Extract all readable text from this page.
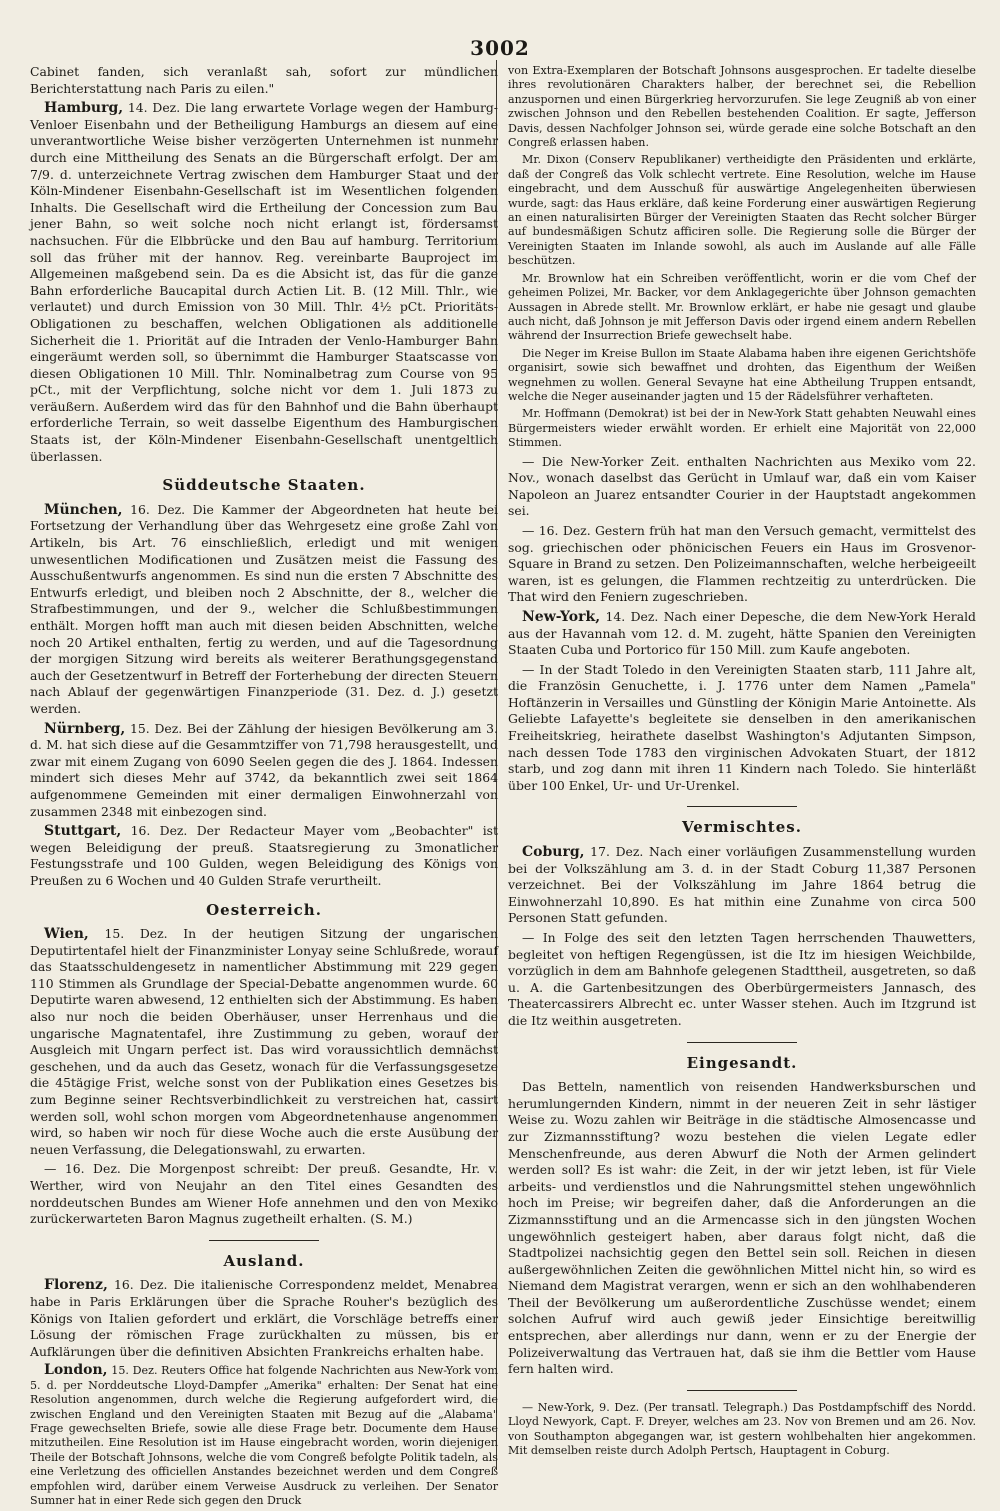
3002

Cabinet fanden, sich veranlaßt sah, sofort zur mündlichen Berichterstattung nach Paris zu eilen."

Hamburg, 14. Dez. Die lang erwartete Vorlage wegen der Hamburg-Venloer Eisenbahn und der Betheiligung Hamburgs an diesem auf eine unverantwortliche Weise bisher verzögerten Unternehmen ist nunmehr durch eine Mittheilung des Senats an die Bürgerschaft erfolgt. Der am 7/9. d. unterzeichnete Vertrag zwischen dem Hamburger Staat und der Köln-Mindener Eisenbahn-Gesellschaft ist im Wesentlichen folgenden Inhalts. Die Gesellschaft wird die Ertheilung der Concession zum Bau jener Bahn, so weit solche noch nicht erlangt ist, fördersamst nachsuchen. Für die Elbbrücke und den Bau auf hamburg. Territorium soll das früher mit der hannov. Reg. vereinbarte Bauproject im Allgemeinen maßgebend sein. Da es die Absicht ist, das für die ganze Bahn erforderliche Baucapital durch Actien Lit. B. (12 Mill. Thlr., wie verlautet) und durch Emission von 30 Mill. Thlr. 4½ pCt. Prioritäts-Obligationen zu beschaffen, welchen Obligationen als additionelle Sicherheit die 1. Priorität auf die Intraden der Venlo-Hamburger Bahn eingeräumt werden soll, so übernimmt die Hamburger Staatscasse von diesen Obligationen 10 Mill. Thlr. Nominalbetrag zum Course von 95 pCt., mit der Verpflichtung, solche nicht vor dem 1. Juli 1873 zu veräußern. Außerdem wird das für den Bahnhof und die Bahn überhaupt erforderliche Terrain, so weit dasselbe Eigenthum des Hamburgischen Staats ist, der Köln-Mindener Eisenbahn-Gesellschaft unentgeltlich überlassen.

Süddeutsche Staaten.

München, 16. Dez. Die Kammer der Abgeordneten hat heute bei Fortsetzung der Verhandlung über das Wehrgesetz eine große Zahl von Artikeln, bis Art. 76 einschließlich, erledigt und mit wenigen unwesentlichen Modificationen und Zusätzen meist die Fassung des Ausschußentwurfs angenommen. Es sind nun die ersten 7 Abschnitte des Entwurfs erledigt, und bleiben noch 2 Abschnitte, der 8., welcher die Strafbestimmungen, und der 9., welcher die Schlußbestimmungen enthält. Morgen hofft man auch mit diesen beiden Abschnitten, welche noch 20 Artikel enthalten, fertig zu werden, und auf die Tagesordnung der morgigen Sitzung wird bereits als weiterer Berathungsgegenstand auch der Gesetzentwurf in Betreff der Forterhebung der directen Steuern nach Ablauf der gegenwärtigen Finanzperiode (31. Dez. d. J.) gesetzt werden.

Nürnberg, 15. Dez. Bei der Zählung der hiesigen Bevölkerung am 3. d. M. hat sich diese auf die Gesammtziffer von 71,798 herausgestellt, und zwar mit einem Zugang von 6090 Seelen gegen die des J. 1864. Indessen mindert sich dieses Mehr auf 3742, da bekanntlich zwei seit 1864 aufgenommene Gemeinden mit einer dermaligen Einwohnerzahl von zusammen 2348 mit einbezogen sind.

Stuttgart, 16. Dez. Der Redacteur Mayer vom „Beobachter" ist wegen Beleidigung der preuß. Staatsregierung zu 3monatlicher Festungsstrafe und 100 Gulden, wegen Beleidigung des Königs von Preußen zu 6 Wochen und 40 Gulden Strafe verurtheilt.

Oesterreich.

Wien, 15. Dez. In der heutigen Sitzung der ungarischen Deputirtentafel hielt der Finanzminister Lonyay seine Schlußrede, worauf das Staatsschuldengesetz in namentlicher Abstimmung mit 229 gegen 110 Stimmen als Grundlage der Special-Debatte angenommen wurde. 60 Deputirte waren abwesend, 12 enthielten sich der Abstimmung. Es haben also nur noch die beiden Oberhäuser, unser Herrenhaus und die ungarische Magnatentafel, ihre Zustimmung zu geben, worauf der Ausgleich mit Ungarn perfect ist. Das wird voraussichtlich demnächst geschehen, und da auch das Gesetz, wonach für die Verfassungsgesetze die 45tägige Frist, welche sonst von der Publikation eines Gesetzes bis zum Beginne seiner Rechtsverbindlichkeit zu verstreichen hat, cassirt werden soll, wohl schon morgen vom Abgeordnetenhause angenommen wird, so haben wir noch für diese Woche auch die erste Ausübung der neuen Verfassung, die Delegationswahl, zu erwarten.

— 16. Dez. Die Morgenpost schreibt: Der preuß. Gesandte, Hr. v. Werther, wird von Neujahr an den Titel eines Gesandten des norddeutschen Bundes am Wiener Hofe annehmen und den von Mexiko zurückerwarteten Baron Magnus zugetheilt erhalten. (S. M.)

Ausland.

Florenz, 16. Dez. Die italienische Correspondenz meldet, Menabrea habe in Paris Erklärungen über die Sprache Rouher's bezüglich des Königs von Italien gefordert und erklärt, die Vorschläge betreffs einer Lösung der römischen Frage zurückhalten zu müssen, bis er Aufklärungen über die definitiven Absichten Frankreichs erhalten habe.

London, 15. Dez. Reuters Office hat folgende Nachrichten aus New-York vom 5. d. per Norddeutsche Lloyd-Dampfer „Amerika" erhalten: Der Senat hat eine Resolution angenommen, durch welche die Regierung aufgefordert wird, die zwischen England und den Vereinigten Staaten mit Bezug auf die „Alabama" Frage gewechselten Briefe, sowie alle diese Frage betr. Documente dem Hause mitzutheilen. Eine Resolution ist im Hause eingebracht worden, worin diejenigen Theile der Botschaft Johnsons, welche die vom Congreß befolgte Politik tadeln, als eine Verletzung des officiellen Anstandes bezeichnet werden und dem Congreß empfohlen wird, darüber einem Verweise Ausdruck zu verleihen. Der Senator Sumner hat in einer Rede sich gegen den Druck

von Extra-Exemplaren der Botschaft Johnsons ausgesprochen. Er tadelte dieselbe ihres revolutionären Charakters halber, der berechnet sei, die Rebellion anzuspornen und einen Bürgerkrieg hervorzurufen. Sie lege Zeugniß ab von einer zwischen Johnson und den Rebellen bestehenden Coalition. Er sagte, Jefferson Davis, dessen Nachfolger Johnson sei, würde gerade eine solche Botschaft an den Congreß erlassen haben.

Mr. Dixon (Conserv Republikaner) vertheidigte den Präsidenten und erklärte, daß der Congreß das Volk schlecht vertrete. Eine Resolution, welche im Hause eingebracht, und dem Ausschuß für auswärtige Angelegenheiten überwiesen wurde, sagt: das Haus erkläre, daß keine Forderung einer auswärtigen Regierung an einen naturalisirten Bürger der Vereinigten Staaten das Recht solcher Bürger auf bundesmäßigen Schutz afficiren solle. Die Regierung solle die Bürger der Vereinigten Staaten im Inlande sowohl, als auch im Auslande auf alle Fälle beschützen.

Mr. Brownlow hat ein Schreiben veröffentlicht, worin er die vom Chef der geheimen Polizei, Mr. Backer, vor dem Anklagegerichte über Johnson gemachten Aussagen in Abrede stellt. Mr. Brownlow erklärt, er habe nie gesagt und glaube auch nicht, daß Johnson je mit Jefferson Davis oder irgend einem andern Rebellen während der Insurrection Briefe gewechselt habe.

Die Neger im Kreise Bullon im Staate Alabama haben ihre eigenen Gerichtshöfe organisirt, sowie sich bewaffnet und drohten, das Eigenthum der Weißen wegnehmen zu wollen. General Sevayne hat eine Abtheilung Truppen entsandt, welche die Neger auseinander jagten und 15 der Rädelsführer verhafteten.

Mr. Hoffmann (Demokrat) ist bei der in New-York Statt gehabten Neuwahl eines Bürgermeisters wieder erwählt worden. Er erhielt eine Majorität von 22,000 Stimmen.

— Die New-Yorker Zeit. enthalten Nachrichten aus Mexiko vom 22. Nov., wonach daselbst das Gerücht in Umlauf war, daß ein vom Kaiser Napoleon an Juarez entsandter Courier in der Hauptstadt angekommen sei.

— 16. Dez. Gestern früh hat man den Versuch gemacht, vermittelst des sog. griechischen oder phönicischen Feuers ein Haus im Grosvenor-Square in Brand zu setzen. Den Polizeimannschaften, welche herbeigeeilt waren, ist es gelungen, die Flammen rechtzeitig zu unterdrücken. Die That wird den Feniern zugeschrieben.

New-York, 14. Dez. Nach einer Depesche, die dem New-York Herald aus der Havannah vom 12. d. M. zugeht, hätte Spanien den Vereinigten Staaten Cuba und Portorico für 150 Mill. zum Kaufe angeboten.

— In der Stadt Toledo in den Vereinigten Staaten starb, 111 Jahre alt, die Französin Genuchette, i. J. 1776 unter dem Namen „Pamela" Hoftänzerin in Versailles und Günstling der Königin Marie Antoinette. Als Geliebte Lafayette's begleitete sie denselben in den amerikanischen Freiheitskrieg, heirathete daselbst Washington's Adjutanten Simpson, nach dessen Tode 1783 den virginischen Advokaten Stuart, der 1812 starb, und zog dann mit ihren 11 Kindern nach Toledo. Sie hinterläßt über 100 Enkel, Ur- und Ur-Urenkel.

Vermischtes.

Coburg, 17. Dez. Nach einer vorläufigen Zusammenstellung wurden bei der Volkszählung am 3. d. in der Stadt Coburg 11,387 Personen verzeichnet. Bei der Volkszählung im Jahre 1864 betrug die Einwohnerzahl 10,890. Es hat mithin eine Zunahme von circa 500 Personen Statt gefunden.

— In Folge des seit den letzten Tagen herrschenden Thauwetters, begleitet von heftigen Regengüssen, ist die Itz im hiesigen Weichbilde, vorzüglich in dem am Bahnhofe gelegenen Stadttheil, ausgetreten, so daß u. A. die Gartenbesitzungen des Oberbürgermeisters Jannasch, des Theatercassirers Albrecht ec. unter Wasser stehen. Auch im Itzgrund ist die Itz weithin ausgetreten.

Eingesandt.

Das Betteln, namentlich von reisenden Handwerksburschen und herumlungernden Kindern, nimmt in der neueren Zeit in sehr lästiger Weise zu. Wozu zahlen wir Beiträge in die städtische Almosencasse und zur Zizmannsstiftung? wozu bestehen die vielen Legate edler Menschenfreunde, aus deren Abwurf die Noth der Armen gelindert werden soll? Es ist wahr: die Zeit, in der wir jetzt leben, ist für Viele arbeits- und verdienstlos und die Nahrungsmittel stehen ungewöhnlich hoch im Preise; wir begreifen daher, daß die Anforderungen an die Zizmannsstiftung und an die Armencasse sich in den jüngsten Wochen ungewöhnlich gesteigert haben, aber daraus folgt nicht, daß die Stadtpolizei nachsichtig gegen den Bettel sein soll. Reichen in diesen außergewöhnlichen Zeiten die gewöhnlichen Mittel nicht hin, so wird es Niemand dem Magistrat verargen, wenn er sich an den wohlhabenderen Theil der Bevölkerung um außerordentliche Zuschüsse wendet; einem solchen Aufruf wird auch gewiß jeder Einsichtige bereitwillig entsprechen, aber allerdings nur dann, wenn er zu der Energie der Polizeiverwaltung das Vertrauen hat, daß sie ihm die Bettler vom Hause fern halten wird.

— New-York, 9. Dez. (Per transatl. Telegraph.) Das Postdampfschiff des Nordd. Lloyd Newyork, Capt. F. Dreyer, welches am 23. Nov von Bremen und am 26. Nov. von Southampton abgegangen war, ist gestern wohlbehalten hier angekommen. Mit demselben reiste durch Adolph Pertsch, Hauptagent in Coburg.
